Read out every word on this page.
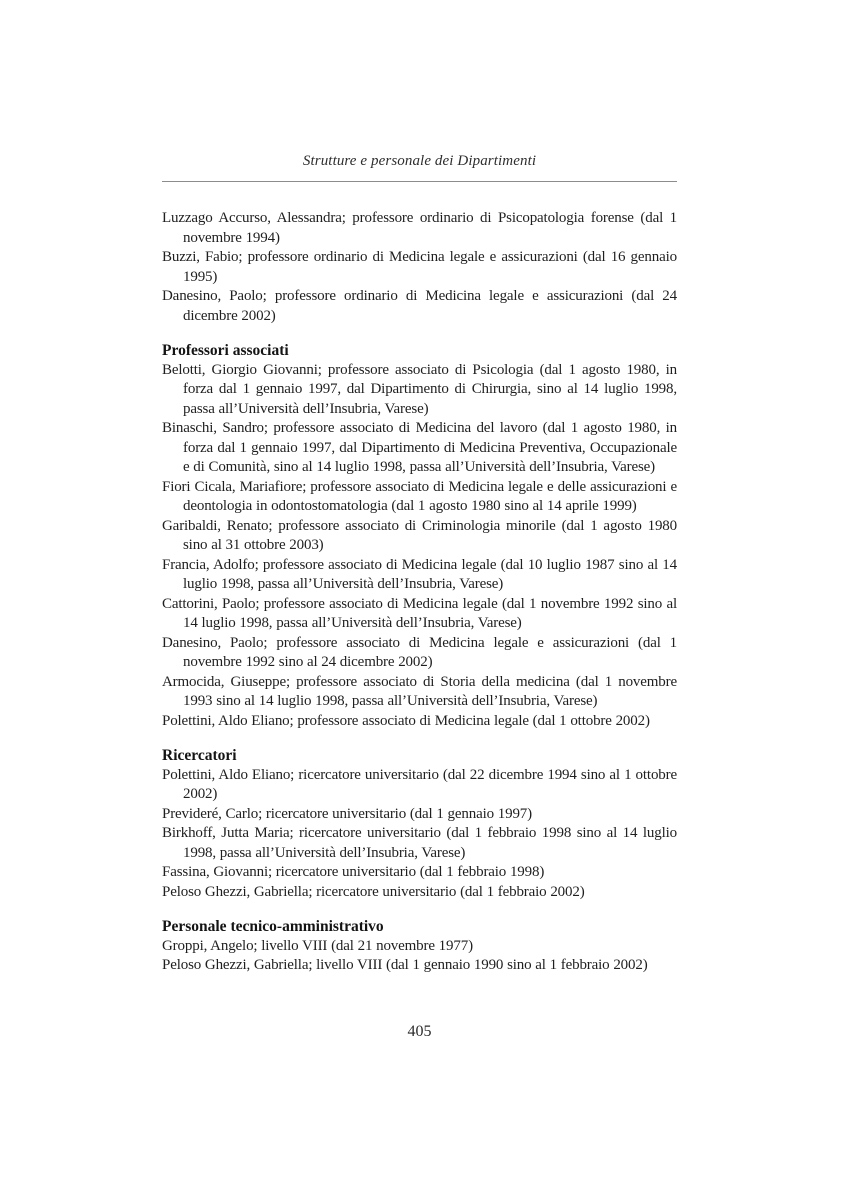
Strutture e personale dei Dipartimenti

Luzzago Accurso, Alessandra; professore ordinario di Psicopatologia forense (dal 1 novembre 1994)

Buzzi, Fabio; professore ordinario di Medicina legale e assicurazioni (dal 16 gennaio 1995)

Danesino, Paolo; professore ordinario di Medicina legale e assicurazioni (dal 24 dicembre 2002)

Professori associati

Belotti, Giorgio Giovanni; professore associato di Psicologia (dal 1 agosto 1980, in forza dal 1 gennaio 1997, dal Dipartimento di Chirurgia, sino al 14 luglio 1998, passa all’Università dell’Insubria, Varese)

Binaschi, Sandro; professore associato di Medicina del lavoro (dal 1 agosto 1980, in forza dal 1 gennaio 1997, dal Dipartimento di Medicina Preventiva, Occupazionale e di Comunità, sino al 14 luglio 1998, passa all’Università dell’Insubria, Varese)

Fiori Cicala, Mariafiore; professore associato di Medicina legale e delle assicurazioni e deontologia in odontostomatologia (dal 1 agosto 1980 sino al 14 aprile 1999)

Garibaldi, Renato; professore associato di Criminologia minorile (dal 1 agosto 1980 sino al 31 ottobre 2003)

Francia, Adolfo; professore associato di Medicina legale (dal 10 luglio 1987 sino al 14 luglio 1998, passa all’Università dell’Insubria, Varese)

Cattorini, Paolo; professore associato di Medicina legale (dal 1 novembre 1992 sino al 14 luglio 1998, passa all’Università dell’Insubria, Varese)

Danesino, Paolo; professore associato di Medicina legale e assicurazioni (dal 1 novembre 1992 sino al 24 dicembre 2002)

Armocida, Giuseppe; professore associato di Storia della medicina (dal 1 novembre 1993 sino al 14 luglio 1998, passa all’Università dell’Insubria, Varese)

Polettini, Aldo Eliano; professore associato di Medicina legale (dal 1 ottobre 2002)

Ricercatori

Polettini, Aldo Eliano; ricercatore universitario (dal 22 dicembre 1994 sino al 1 ottobre 2002)

Previderé, Carlo; ricercatore universitario (dal 1 gennaio 1997)

Birkhoff, Jutta Maria; ricercatore universitario (dal 1 febbraio 1998 sino al 14 luglio 1998, passa all’Università dell’Insubria, Varese)

Fassina, Giovanni; ricercatore universitario (dal 1 febbraio 1998)

Peloso Ghezzi, Gabriella; ricercatore universitario (dal 1 febbraio 2002)

Personale tecnico-amministrativo

Groppi, Angelo; livello VIII (dal 21 novembre 1977)

Peloso Ghezzi, Gabriella; livello VIII (dal 1 gennaio 1990 sino al 1 febbraio 2002)

405
